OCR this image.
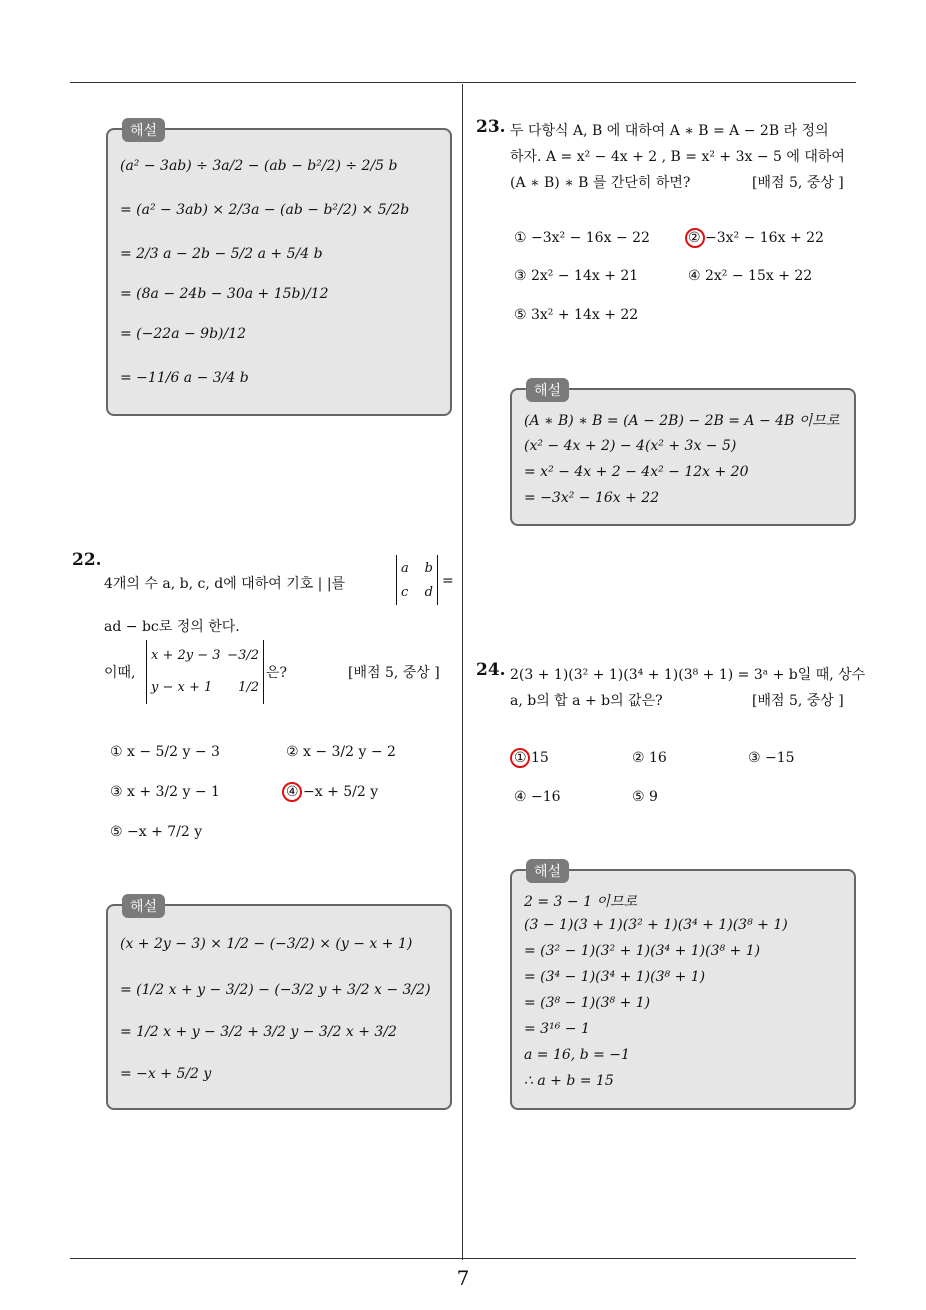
7
해설
(a² − 3ab) ÷ 3a/2 − (ab − b²/2) ÷ 2/5 b
= (a² − 3ab) × 2/3a − (ab − b²/2) × 5/2b
= 2/3 a − 2b − 5/2 a + 5/4 b
= (8a − 24b − 30a + 15b)/12
= (−22a − 9b)/12
= −11/6 a − 3/4 b
22.
4개의 수 a, b, c, d에 대하여 기호 | |를
a b
c d
=
ad − bc로 정의 한다.
이때,
x + 2y − 3 −3/2
y − x + 1 1/2
은?	[배점 5, 중상 ]
① x − 5/2 y − 3	② x − 3/2 y − 2
③ x + 3/2 y − 1	④ −x + 5/2 y
⑤ −x + 7/2 y
해설
(x + 2y − 3) × 1/2 − (−3/2) × (y − x + 1)
= (1/2 x + y − 3/2) − (−3/2 y + 3/2 x − 3/2)
= 1/2 x + y − 3/2 + 3/2 y − 3/2 x + 3/2
= −x + 5/2 y
23. 두 다항식 A, B 에 대하여 A ∗ B = A − 2B 라 정의
하자. A = x² − 4x + 2 , B = x² + 3x − 5 에 대하여
(A ∗ B) ∗ B 를 간단히 하면?	[배점 5, 중상 ]
① −3x² − 16x − 22	② −3x² − 16x + 22
③ 2x² − 14x + 21	④ 2x² − 15x + 22
⑤ 3x² + 14x + 22
해설
(A ∗ B) ∗ B = (A − 2B) − 2B = A − 4B 이므로
(x² − 4x + 2) − 4(x² + 3x − 5)
= x² − 4x + 2 − 4x² − 12x + 20
= −3x² − 16x + 22
24. 2(3 + 1)(3² + 1)(3⁴ + 1)(3⁸ + 1) = 3ᵃ + b일 때, 상수
a, b의 합 a + b의 값은?	[배점 5, 중상 ]
① 15	② 16	③ −15
④ −16	⑤ 9
해설
2 = 3 − 1 이므로
(3 − 1)(3 + 1)(3² + 1)(3⁴ + 1)(3⁸ + 1)
= (3² − 1)(3² + 1)(3⁴ + 1)(3⁸ + 1)
= (3⁴ − 1)(3⁴ + 1)(3⁸ + 1)
= (3⁸ − 1)(3⁸ + 1)
= 3¹⁶ − 1
a = 16, b = −1
∴ a + b = 15
